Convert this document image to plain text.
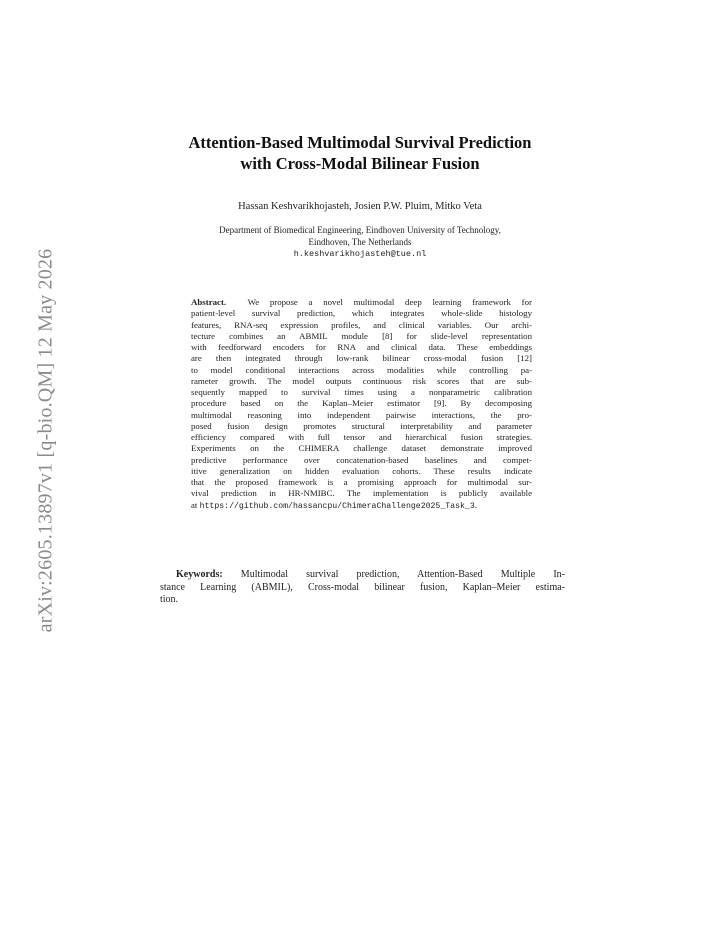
arXiv:2605.13897v1 [q-bio.QM] 12 May 2026
Attention-Based Multimodal Survival Prediction
with Cross-Modal Bilinear Fusion
Hassan Keshvarikhojasteh, Josien P.W. Pluim, Mitko Veta
Department of Biomedical Engineering, Eindhoven University of Technology,
Eindhoven, The Netherlands
h.keshvarikhojasteh@tue.nl
Abstract. We propose a novel multimodal deep learning framework for
patient-level survival prediction, which integrates whole-slide histology
features, RNA-seq expression profiles, and clinical variables. Our archi-
tecture combines an ABMIL module [8] for slide-level representation
with feedforward encoders for RNA and clinical data. These embeddings
are then integrated through low-rank bilinear cross-modal fusion [12]
to model conditional interactions across modalities while controlling pa-
rameter growth. The model outputs continuous risk scores that are sub-
sequently mapped to survival times using a nonparametric calibration
procedure based on the Kaplan–Meier estimator [9]. By decomposing
multimodal reasoning into independent pairwise interactions, the pro-
posed fusion design promotes structural interpretability and parameter
efficiency compared with full tensor and hierarchical fusion strategies.
Experiments on the CHIMERA challenge dataset demonstrate improved
predictive performance over concatenation-based baselines and compet-
itive generalization on hidden evaluation cohorts. These results indicate
that the proposed framework is a promising approach for multimodal sur-
vival prediction in HR-NMIBC. The implementation is publicly available
at https://github.com/hassancpu/ChimeraChallenge2025_Task_3.
Keywords: Multimodal survival prediction, Attention-Based Multiple In-
stance Learning (ABMIL), Cross-modal bilinear fusion, Kaplan–Meier estima-
tion.
